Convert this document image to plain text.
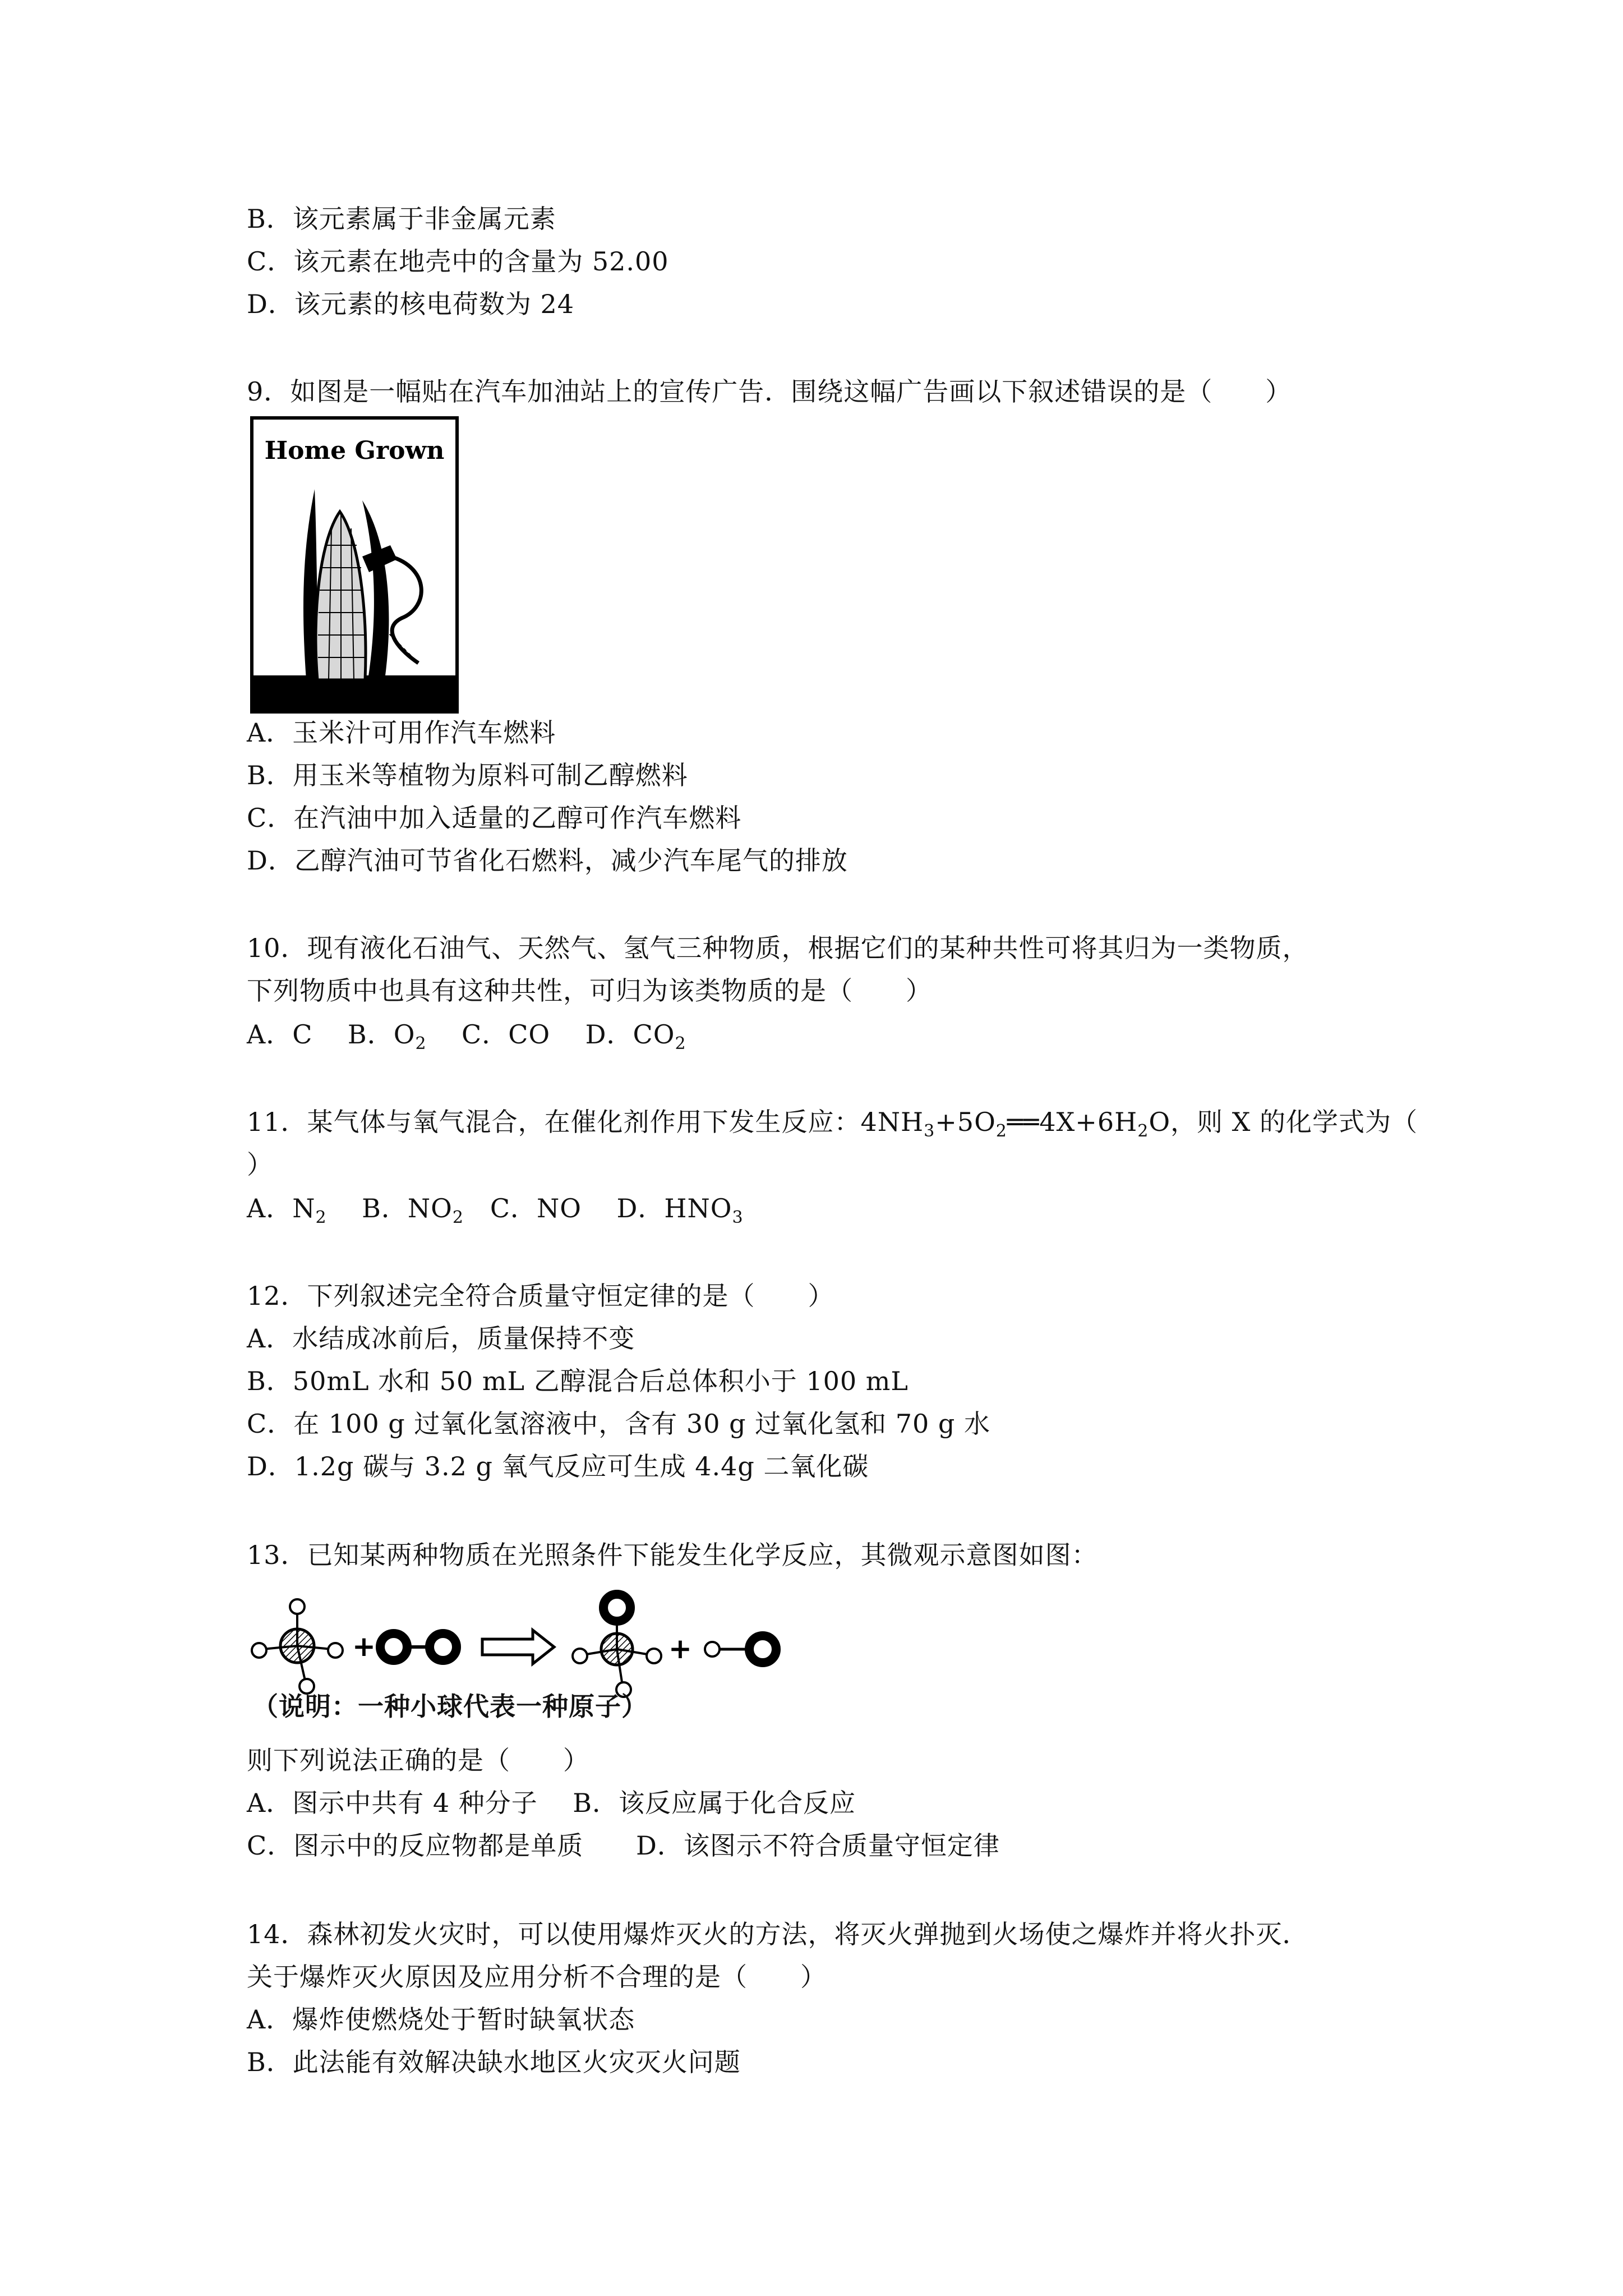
B．该元素属于非金属元素
C．该元素在地壳中的含量为 52.00
D．该元素的核电荷数为 24
9．如图是一幅贴在汽车加油站上的宣传广告．围绕这幅广告画以下叙述错误的是（　　）
Home Grown
A．玉米汁可用作汽车燃料
B．用玉米等植物为原料可制乙醇燃料
C．在汽油中加入适量的乙醇可作汽车燃料
D．乙醇汽油可节省化石燃料，减少汽车尾气的排放
10．现有液化石油气、天然气、氢气三种物质，根据它们的某种共性可将其归为一类物质，
下列物质中也具有这种共性，可归为该类物质的是（　　）
A．C B．$O_2$ C．CO D．$CO_2$
11．某气体与氧气混合，在催化剂作用下发生反应：$4NH_3+5O_2══4X+6H_2O$，则 X 的化学式为（
）
A．$N_2$ B．$NO_2$ C．NO D．$HNO_3$
12．下列叙述完全符合质量守恒定律的是（　　）
A．水结成冰前后，质量保持不变
B．50mL 水和 50 mL 乙醇混合后总体积小于 100 mL
C．在 100 g 过氧化氢溶液中，含有 30 g 过氧化氢和 70 g 水
D．1.2g 碳与 3.2 g 氧气反应可生成 4.4g 二氧化碳
13．已知某两种物质在光照条件下能发生化学反应，其微观示意图如图：
+	+
（说明：一种小球代表一种原子）
则下列说法正确的是（　　）
A．图示中共有 4 种分子 B．该反应属于化合反应
C．图示中的反应物都是单质 D．该图示不符合质量守恒定律
14．森林初发火灾时，可以使用爆炸灭火的方法，将灭火弹抛到火场使之爆炸并将火扑灭．
关于爆炸灭火原因及应用分析不合理的是（　　）
A．爆炸使燃烧处于暂时缺氧状态
B．此法能有效解决缺水地区火灾灭火问题
